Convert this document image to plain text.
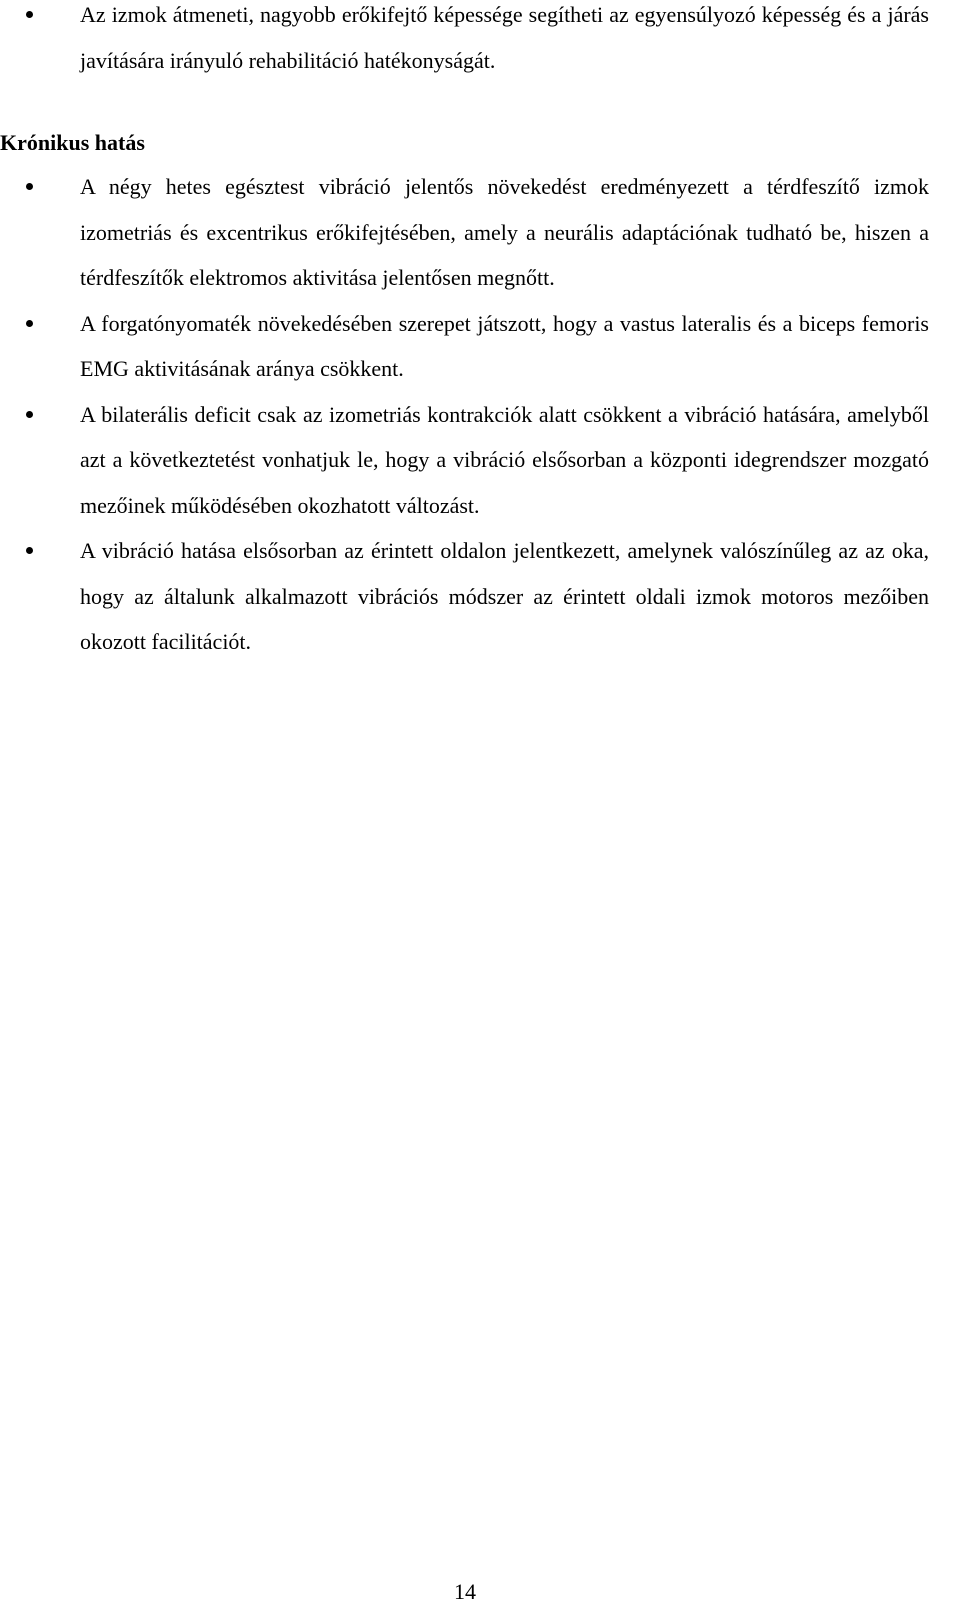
Az izmok átmeneti, nagyobb erőkifejtő képessége segítheti az egyensúlyozó képesség és a járás javítására irányuló rehabilitáció hatékonyságát.
Krónikus hatás
A négy hetes egésztest vibráció jelentős növekedést eredményezett a térdfeszítő izmok izometriás és excentrikus erőkifejtésében, amely a neurális adaptációnak tudható be, hiszen a térdfeszítők elektromos aktivitása jelentősen megnőtt.
A forgatónyomaték növekedésében szerepet játszott, hogy a vastus lateralis és a biceps femoris EMG aktivitásának aránya csökkent.
A bilaterális deficit csak az izometriás kontrakciók alatt csökkent a vibráció hatására, amelyből azt a következtetést vonhatjuk le, hogy a vibráció elsősorban a központi idegrendszer mozgató mezőinek működésében okozhatott változást.
A vibráció hatása elsősorban az érintett oldalon jelentkezett, amelynek valószínűleg az az oka, hogy az általunk alkalmazott vibrációs módszer az érintett oldali izmok motoros mezőiben okozott facilitációt.
14
